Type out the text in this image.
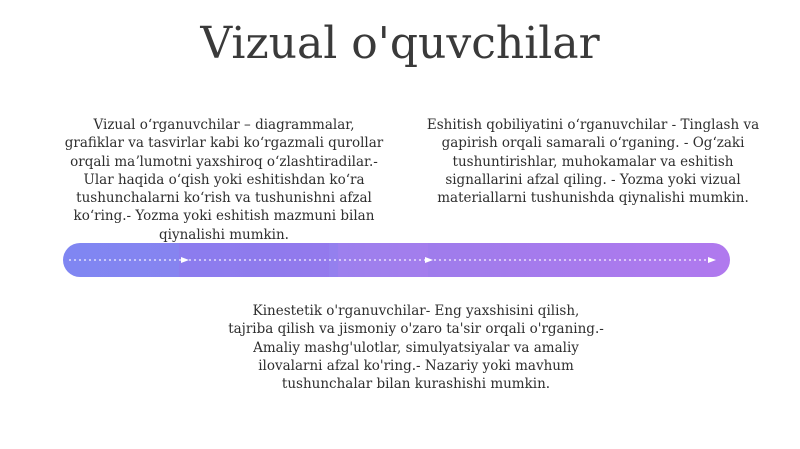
Vizual o'quvchilar

Vizual oʻrganuvchilar – diagrammalar, grafiklar va tasvirlar kabi koʻrgazmali qurollar orqali maʼlumotni yaxshiroq oʻzlashtiradilar.- Ular haqida oʻqish yoki eshitishdan koʻra tushunchalarni koʻrish va tushunishni afzal koʻring.- Yozma yoki eshitish mazmuni bilan qiynalishi mumkin.

Eshitish qobiliyatini oʻrganuvchilar - Tinglash va gapirish orqali samarali oʻrganing. - Ogʻzaki tushuntirishlar, muhokamalar va eshitish signallarini afzal qiling. - Yozma yoki vizual materiallarni tushunishda qiynalishi mumkin.

Kinestetik o'rganuvchilar- Eng yaxshisini qilish, tajriba qilish va jismoniy o'zaro ta'sir orqali o'rganing.- Amaliy mashg'ulotlar, simulyatsiyalar va amaliy ilovalarni afzal ko'ring.- Nazariy yoki mavhum tushunchalar bilan kurashishi mumkin.
